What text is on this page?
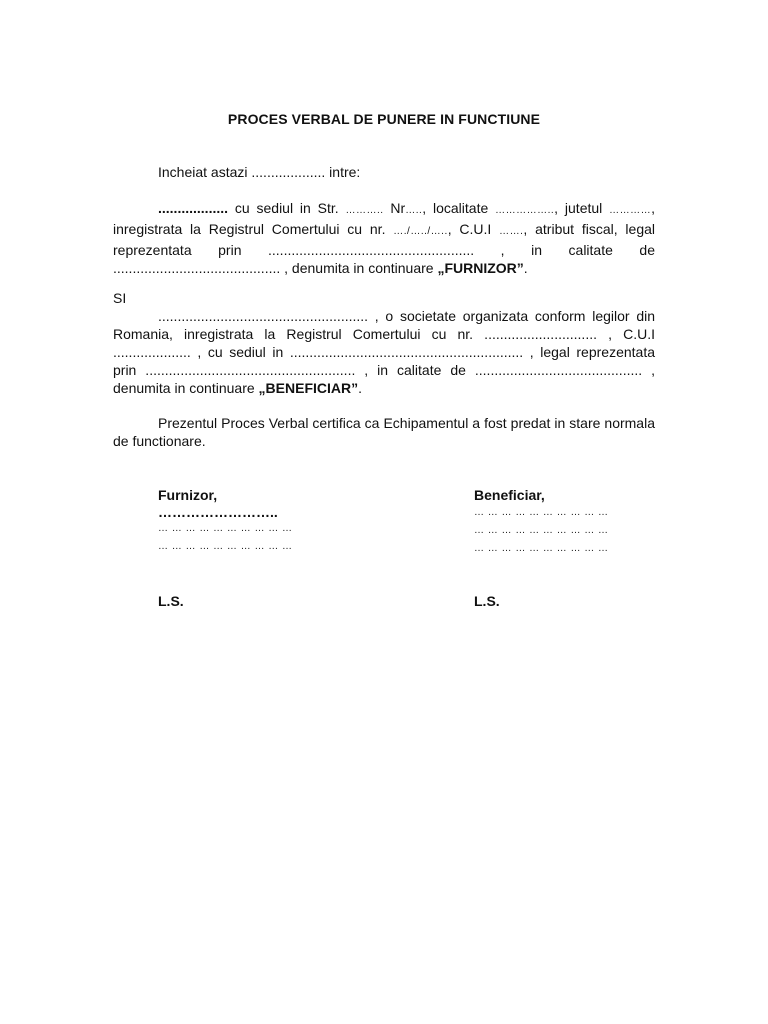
PROCES VERBAL DE PUNERE IN FUNCTIUNE
Incheiat astazi ................... intre:
.................. cu sediul in Str. ……….. Nr….., localitate …………….., jutetul …………, inregistrata la Registrul Comertului cu nr. …./…../….., C.U.I ……., atribut fiscal, legal reprezentata prin ..................................................... , in calitate de ........................................... , denumita in continuare „FURNIZOR”.
SI
...................................................... , o societate organizata conform legilor din Romania, inregistrata la Registrul Comertului cu nr. ............................. , C.U.I .................... , cu sediul in ............................................................ , legal reprezentata prin ...................................................... , in calitate de ........................................... , denumita in continuare „BENEFICIAR”.
Prezentul Proces Verbal certifica ca Echipamentul a fost predat in stare normala de functionare.
Furnizor,
……………………..
… … … … … … … … … …
… … … … … … … … … …
Beneficiar,
… … … … … … … … … …
… … … … … … … … … …
… … … … … … … … … …
L.S.	L.S.
